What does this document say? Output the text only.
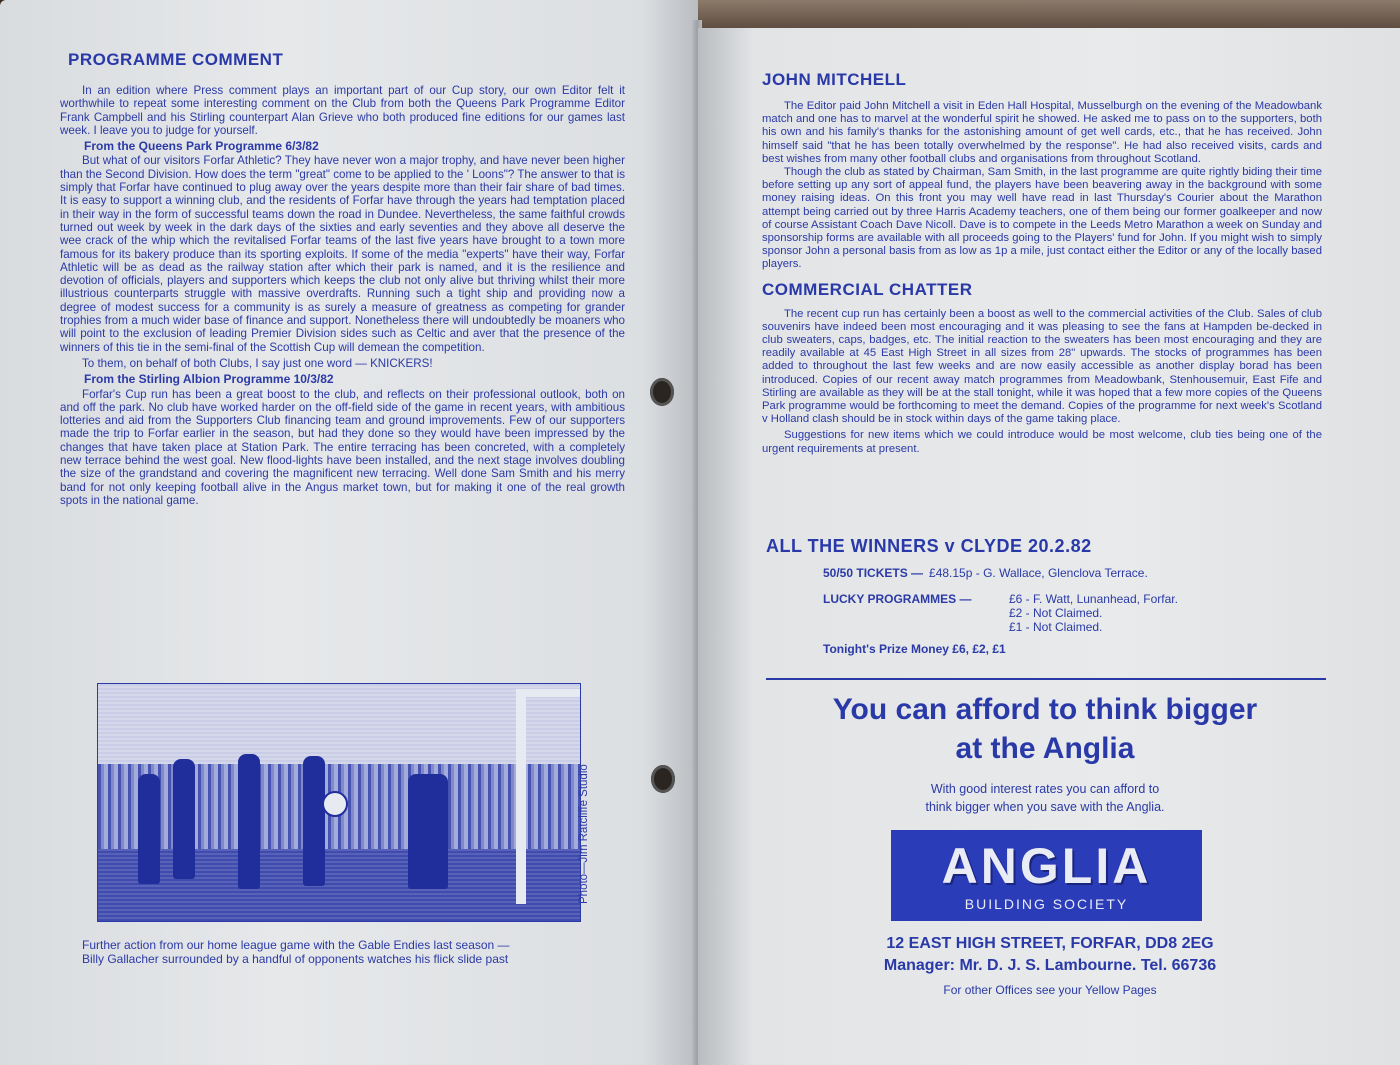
PROGRAMME COMMENT

In an edition where Press comment plays an important part of our Cup story, our own Editor felt it worthwhile to repeat some interesting comment on the Club from both the Queens Park Programme Editor Frank Campbell and his Stirling counterpart Alan Grieve who both produced fine editions for our games last week. I leave you to judge for yourself.

From the Queens Park Programme 6/3/82

But what of our visitors Forfar Athletic? They have never won a major trophy, and have never been higher than the Second Division. How does the term "great" come to be applied to the ' Loons"? The answer to that is simply that Forfar have continued to plug away over the years despite more than their fair share of bad times. It is easy to support a winning club, and the residents of Forfar have through the years had temptation placed in their way in the form of successful teams down the road in Dundee. Nevertheless, the same faithful crowds turned out week by week in the dark days of the sixties and early seventies and they above all deserve the wee crack of the whip which the revitalised Forfar teams of the last five years have brought to a town more famous for its bakery produce than its sporting exploits. If some of the media "experts" have their way, Forfar Athletic will be as dead as the railway station after which their park is named, and it is the resilience and devotion of officials, players and supporters which keeps the club not only alive but thriving whilst their more illustrious counterparts struggle with massive overdrafts. Running such a tight ship and providing now a degree of modest success for a community is as surely a measure of greatness as competing for grander trophies from a much wider base of finance and support. Nonetheless there will undoubtedly be moaners who will point to the exclusion of leading Premier Division sides such as Celtic and aver that the presence of the winners of this tie in the semi-final of the Scottish Cup will demean the competition.

To them, on behalf of both Clubs, I say just one word — KNICKERS!

From the Stirling Albion Programme 10/3/82

Forfar's Cup run has been a great boost to the club, and reflects on their professional outlook, both on and off the park. No club have worked harder on the off-field side of the game in recent years, with ambitious lotteries and aid from the Supporters Club financing team and ground improvements. Few of our supporters made the trip to Forfar earlier in the season, but had they done so they would have been impressed by the changes that have taken place at Station Park. The entire terracing has been concreted, with a completely new terrace behind the west goal. New flood-lights have been installed, and the next stage involves doubling the size of the grandstand and covering the magnificent new terracing. Well done Sam Smith and his merry band for not only keeping football alive in the Angus market town, but for making it one of the real growth spots in the national game.

Photo—Jim Ratcliffe Studio
Further action from our home league game with the Gable Endies last season —
Billy Gallacher surrounded by a handful of opponents watches his flick slide past
JOHN MITCHELL

The Editor paid John Mitchell a visit in Eden Hall Hospital, Musselburgh on the evening of the Meadowbank match and one has to marvel at the wonderful spirit he showed. He asked me to pass on to the supporters, both his own and his family's thanks for the astonishing amount of get well cards, etc., that he has received. John himself said "that he has been totally overwhelmed by the response". He had also received visits, cards and best wishes from many other football clubs and organisations from throughout Scotland.

Though the club as stated by Chairman, Sam Smith, in the last programme are quite rightly biding their time before setting up any sort of appeal fund, the players have been beavering away in the background with some money raising ideas. On this front you may well have read in last Thursday's Courier about the Marathon attempt being carried out by three Harris Academy teachers, one of them being our former goalkeeper and now of course Assistant Coach Dave Nicoll. Dave is to compete in the Leeds Metro Marathon a week on Sunday and sponsorship forms are available with all proceeds going to the Players' fund for John. If you might wish to simply sponsor John a personal basis from as low as 1p a mile, just contact either the Editor or any of the locally based players.

COMMERCIAL CHATTER

The recent cup run has certainly been a boost as well to the commercial activities of the Club. Sales of club souvenirs have indeed been most encouraging and it was pleasing to see the fans at Hampden be-decked in club sweaters, caps, badges, etc. The initial reaction to the sweaters has been most encouraging and they are readily available at 45 East High Street in all sizes from 28" upwards. The stocks of programmes has been added to throughout the last few weeks and are now easily accessible as another display borad has been introduced. Copies of our recent away match programmes from Meadowbank, Stenhousemuir, East Fife and Stirling are available as they will be at the stall tonight, while it was hoped that a few more copies of the Queens Park programme would be forthcoming to meet the demand. Copies of the programme for next week's Scotland v Holland clash should be in stock within days of the game taking place.

Suggestions for new items which we could introduce would be most welcome, club ties being one of the urgent requirements at present.

ALL THE WINNERS v CLYDE 20.2.82
50/50 TICKETS — £48.15p - G. Wallace, Glenclova Terrace.
LUCKY PROGRAMMES —	£6 - F. Watt, Lunanhead, Forfar.
£2 - Not Claimed.
£1 - Not Claimed.
Tonight's Prize Money £6, £2, £1
You can afford to think bigger
at the Anglia
With good interest rates you can afford to
think bigger when you save with the Anglia.
ANGLIA
BUILDING SOCIETY
12 EAST HIGH STREET, FORFAR, DD8 2EG
Manager: Mr. D. J. S. Lambourne. Tel. 66736
For other Offices see your Yellow Pages
